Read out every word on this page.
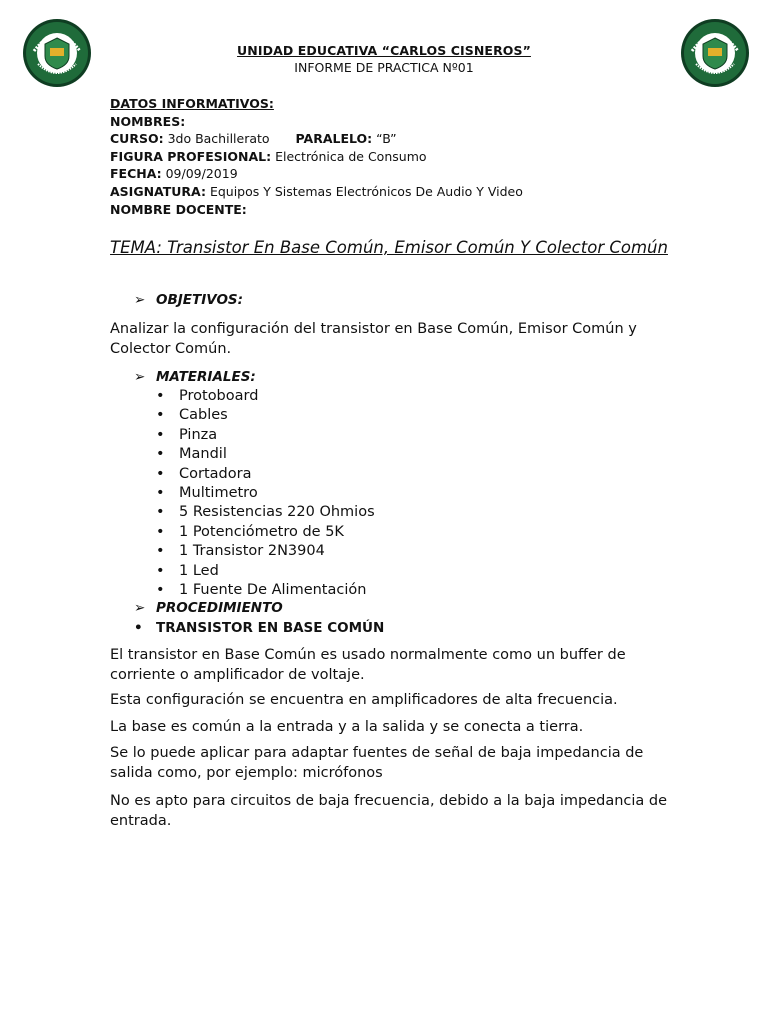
UNIDAD EDUCATIVA “CARLOS CISNEROS”
INFORME DE PRACTICA Nº01
DATOS INFORMATIVOS:
NOMBRES:
CURSO: 3do Bachillerato PARALELO: “B”
FIGURA PROFESIONAL: Electrónica de Consumo
FECHA: 09/09/2019
ASIGNATURA: Equipos Y Sistemas Electrónicos De Audio Y Video
NOMBRE DOCENTE:
TEMA: Transistor En Base Común, Emisor Común Y Colector Común
➢ OBJETIVOS:
Analizar la configuración del transistor en Base Común, Emisor Común y Colector Común.
➢ MATERIALES:
• Protoboard
• Cables
• Pinza
• Mandil
• Cortadora
• Multimetro
• 5 Resistencias 220 Ohmios
• 1 Potenciómetro de 5K
• 1 Transistor 2N3904
• 1 Led
• 1 Fuente De Alimentación
➢ PROCEDIMIENTO
• TRANSISTOR EN BASE COMÚN
El transistor en Base Común es usado normalmente como un buffer de corriente o amplificador de voltaje.
Esta configuración se encuentra en amplificadores de alta frecuencia.
La base es común a la entrada y a la salida y se conecta a tierra.
Se lo puede aplicar para adaptar fuentes de señal de baja impedancia de salida como, por ejemplo: micrófonos
No es apto para circuitos de baja frecuencia, debido a la baja impedancia de entrada.
